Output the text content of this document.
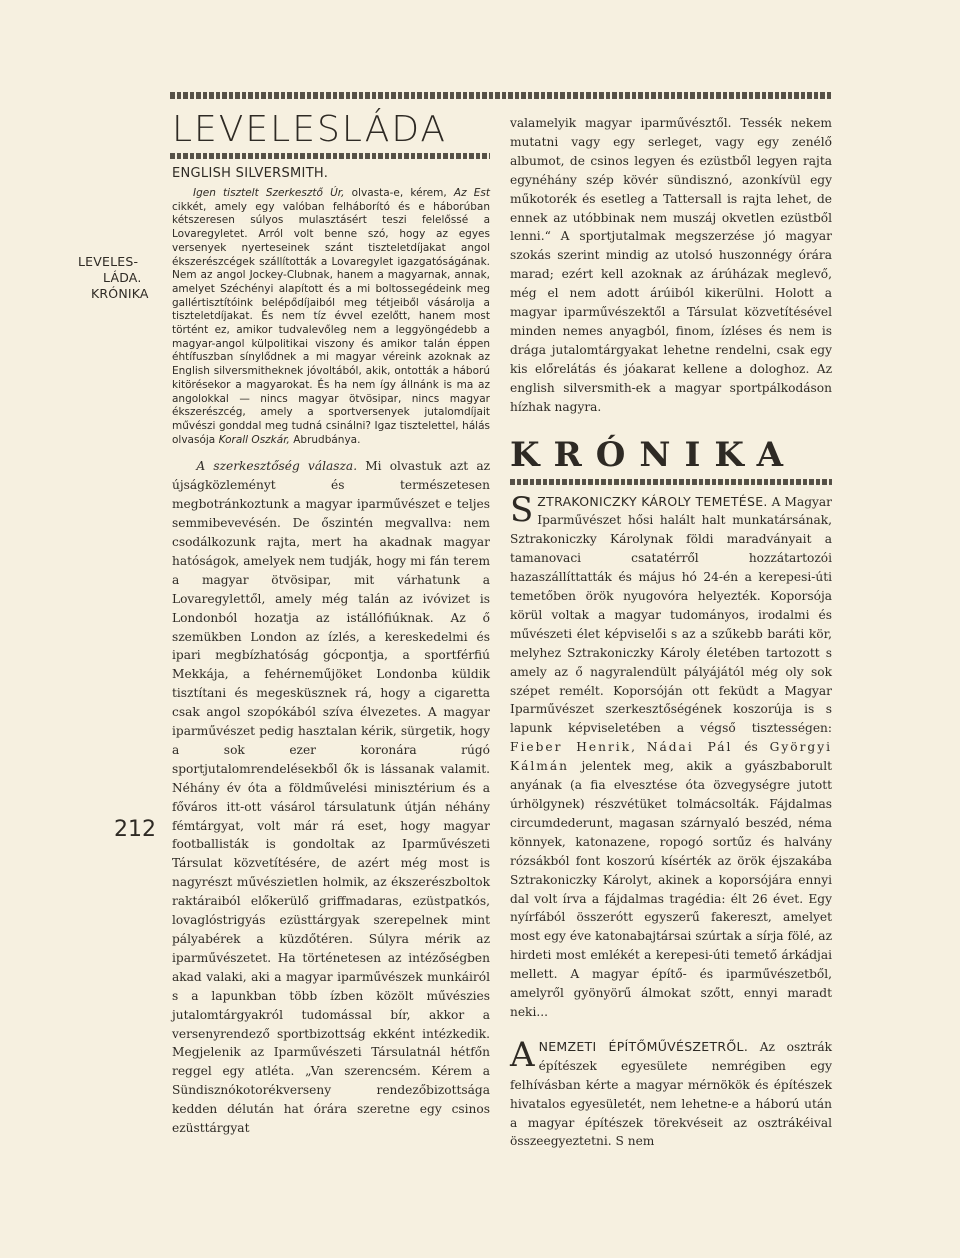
LEVELES-
LÁDA.
KRÓNIKA
212
LEVELESLÁDA
ENGLISH SILVERSMITH.

Igen tisztelt Szerkesztő Úr, olvasta-e, kérem, Az Est cikkét, amely egy valóban felháborító és e háborúban kétszeresen súlyos mulasztásért teszi felelőssé a Lovaregyletet. Arról volt benne szó, hogy az egyes versenyek nyerteseinek szánt tiszteletdíjakat angol ékszerészcégek szállították a Lovaregylet igazgatóságának. Nem az angol Jockey-Clubnak, hanem a magyarnak, annak, amelyet Széchényi alapított és a mi boltossegédeink meg gallértisztítóink belépődíjaiból meg tétjeiből vásárolja a tiszteletdíjakat. És nem tíz évvel ezelőtt, hanem most történt ez, amikor tudvalevőleg nem a leggyöngédebb a magyar-angol külpolitikai viszony és amikor talán éppen éhtífuszban sínylődnek a mi magyar véreink azoknak az English silversmitheknek jóvoltából, akik, ontották a háború kitörésekor a magyarokat. És ha nem így állnánk is ma az angolokkal — nincs magyar ötvösipar, nincs magyar ékszerészcég, amely a sportversenyek jutalomdíjait művészi gonddal meg tudná csinálni? Igaz tisztelettel, hálás olvasója Korall Oszkár, Abrudbánya.

A szerkesztőség válasza. Mi olvastuk azt az újságközleményt és természetesen megbotránkoztunk a magyar iparművészet e teljes semmibevevésén. De őszintén megvallva: nem csodálkozunk rajta, mert ha akadnak magyar hatóságok, amelyek nem tudják, hogy mi fán terem a magyar ötvösipar, mit várhatunk a Lovaregylettől, amely még talán az ivóvizet is Londonból hozatja az istállófiúknak. Az ő szemükben London az ízlés, a kereskedelmi és ipari megbízhatóság gócpontja, a sportférfiú Mekkája, a fehérneműjöket Londonba küldik tisztítani és megesküsznek rá, hogy a cigaretta csak angol szopókából szíva élvezetes. A magyar iparművészet pedig hasztalan kérik, sürgetik, hogy a sok ezer koronára rúgó sportjutalomrendelésekből ők is lássanak valamit. Néhány év óta a földművelési minisztérium és a főváros itt-ott vásárol társulatunk útján néhány fémtárgyat, volt már rá eset, hogy magyar footballisták is gondoltak az Iparművészeti Társulat közvetítésére, de azért még most is nagyrészt művészietlen holmik, az ékszerészboltok raktáraiból előkerülő griffmadaras, ezüstpatkós, lovaglóstrigyás ezüsttárgyak szerepelnek mint pályabérek a küzdőtéren. Súlyra mérik az iparművészetet. Ha történetesen az intézőségben akad valaki, aki a magyar iparművészek munkáiról s a lapunkban több ízben közölt művészies jutalomtárgyakról tudomással bír, akkor a versenyrendező sportbizottság ekként intézkedik. Megjelenik az Iparművészeti Társulatnál hétfőn reggel egy atléta. „Van szerencsém. Kérem a Sündisznókotorékverseny rendezőbizottsága kedden délután hat órára szeretne egy csinos ezüsttárgyat

valamelyik magyar iparművésztől. Tessék nekem mutatni vagy egy serleget, vagy egy zenélő albumot, de csinos legyen és ezüstből legyen rajta egynéhány szép kövér sündisznó, azonkívül egy műkotorék és esetleg a Tattersall is rajta lehet, de ennek az utóbbinak nem muszáj okvetlen ezüstből lenni.“ A sportjutalmak megszerzése jó magyar szokás szerint mindig az utolsó huszonnégy órára marad; ezért kell azoknak az árúházak meglevő, még el nem adott árúiból kikerülni. Holott a magyar iparművészektől a Társulat közvetítésével minden nemes anyagból, finom, ízléses és nem is drága jutalomtárgyakat lehetne rendelni, csak egy kis előrelátás és jóakarat kellene a dologhoz. Az english silversmith-ek a magyar sportpálkodáson hízhak nagyra.

KRÓNIKA

SZTRAKONICZKY KÁROLY TEMETÉSE. A Magyar Iparművészet hősi halált halt munkatársának, Sztrakoniczky Károlynak földi maradványait a tamanovaci csatatérről hozzátartozói hazaszállíttatták és május hó 24-én a kerepesi-úti temetőben örök nyugovóra helyezték. Koporsója körül voltak a magyar tudományos, irodalmi és művészeti élet képviselői s az a szűkebb baráti kör, melyhez Sztrakoniczky Károly életében tartozott s amely az ő nagyralendült pályájától még oly sok szépet remélt. Koporsóján ott feküdt a Magyar Iparművészet szerkesztőségének koszorúja is s lapunk képviseletében a végső tisztességen: Fieber Henrik, Nádai Pál és Györgyi Kálmán jelentek meg, akik a gyászbaborult anyának (a fia elvesztése óta özvegységre jutott úrhölgynek) részvétüket tolmácsolták. Fájdalmas circumdederunt, magasan szárnyaló beszéd, néma könnyek, katonazene, ropogó sortűz és halvány rózsákból font koszorú kísérték az örök éjszakába Sztrakoniczky Károlyt, akinek a koporsójára ennyi dal volt írva a fájdalmas tragédia: élt 26 évet. Egy nyírfából összerótt egyszerű fakereszt, amelyet most egy éve katonabajtársai szúrtak a sírja fölé, az hirdeti most emlékét a kerepesi-úti temető árkádjai mellett. A magyar építő- és iparművészetből, amelyről gyönyörű álmokat szőtt, ennyi maradt neki...

ANEMZETI ÉPÍTŐMŰVÉSZETRŐL. Az osztrák építészek egyesülete nemrégiben egy felhívásban kérte a magyar mérnökök és építészek hivatalos egyesületét, nem lehetne-e a háború után a magyar építészek törekvéseit az osztrákéival összeegyeztetni. S nem
